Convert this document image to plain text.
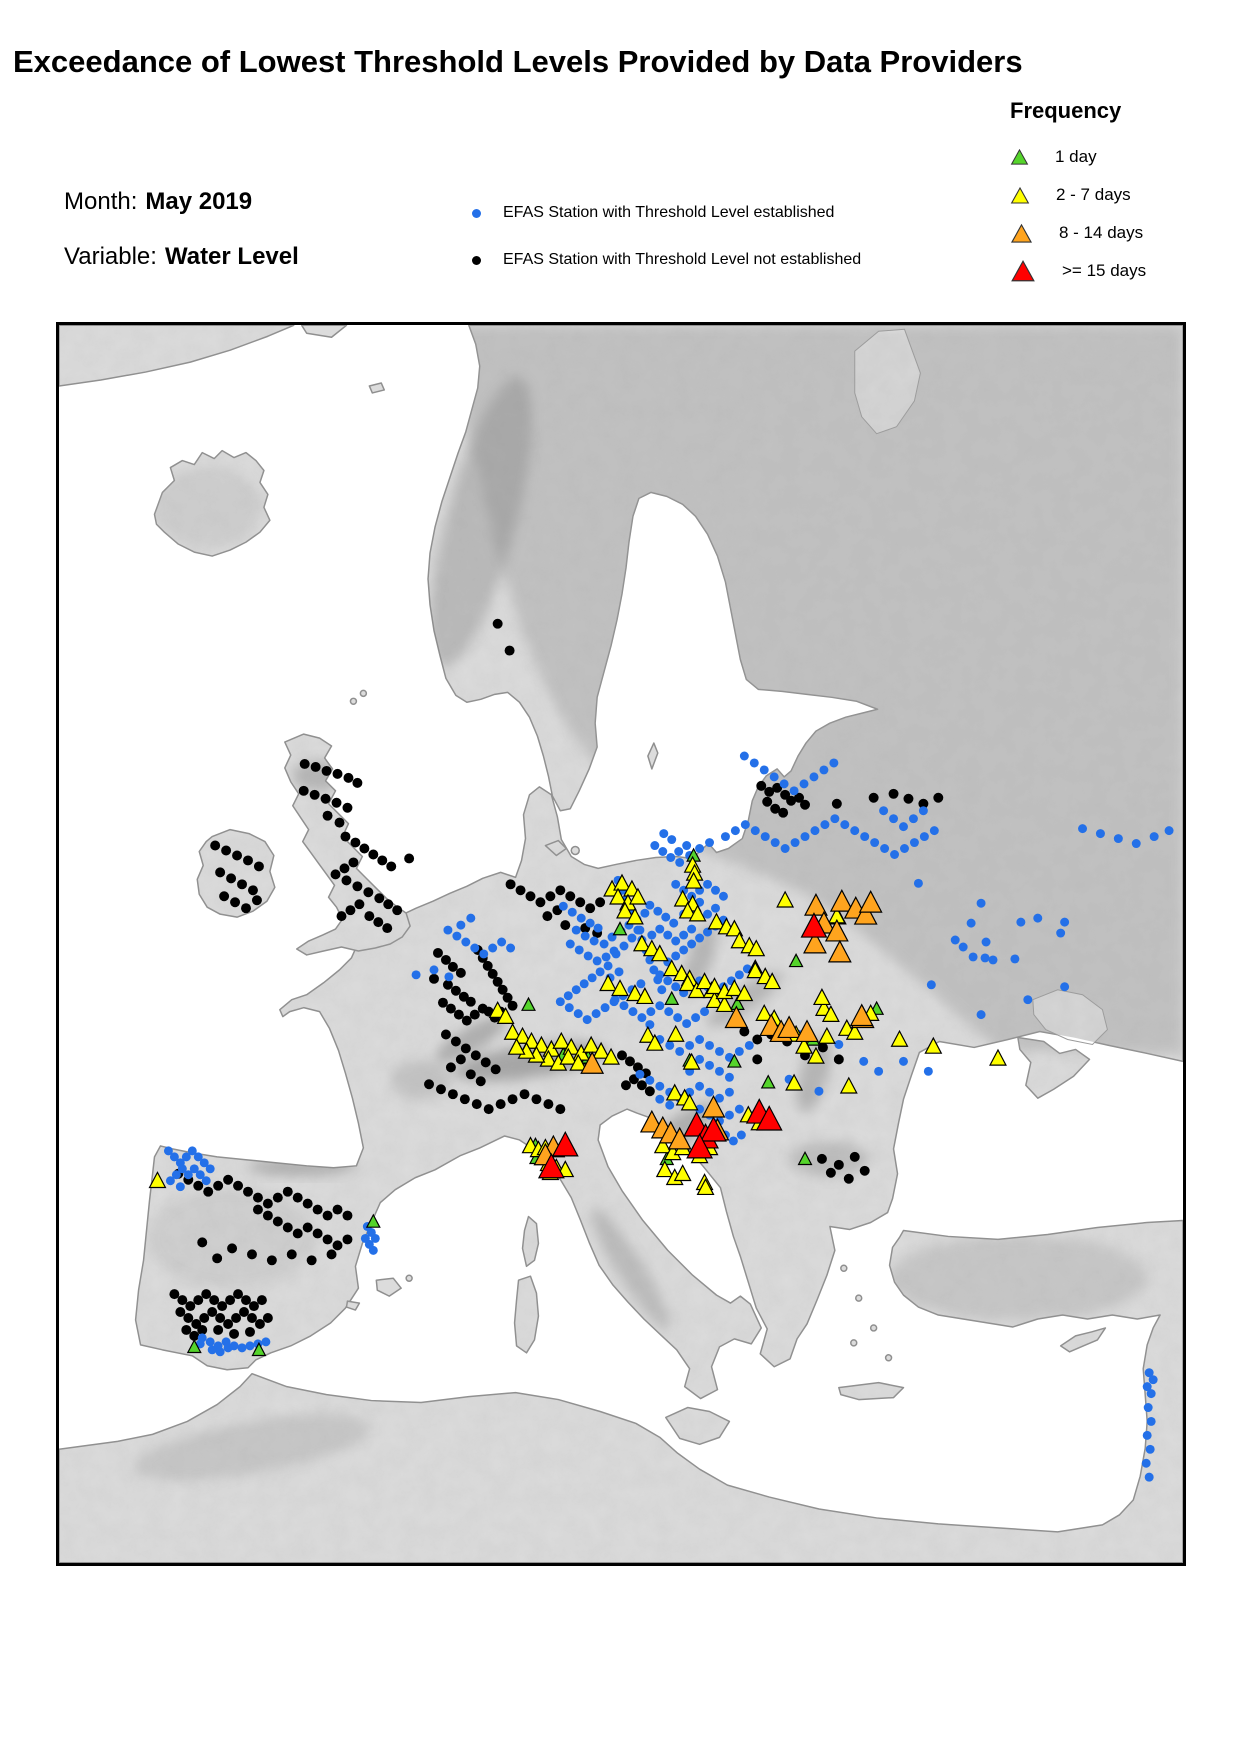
Exceedance of Lowest Threshold Levels Provided by Data Providers
Month: May 2019
Variable: Water Level
EFAS Station with Threshold Level established
EFAS Station with Threshold Level not established
Frequency
1 day
2 - 7 days
8 - 14 days
>= 15 days
